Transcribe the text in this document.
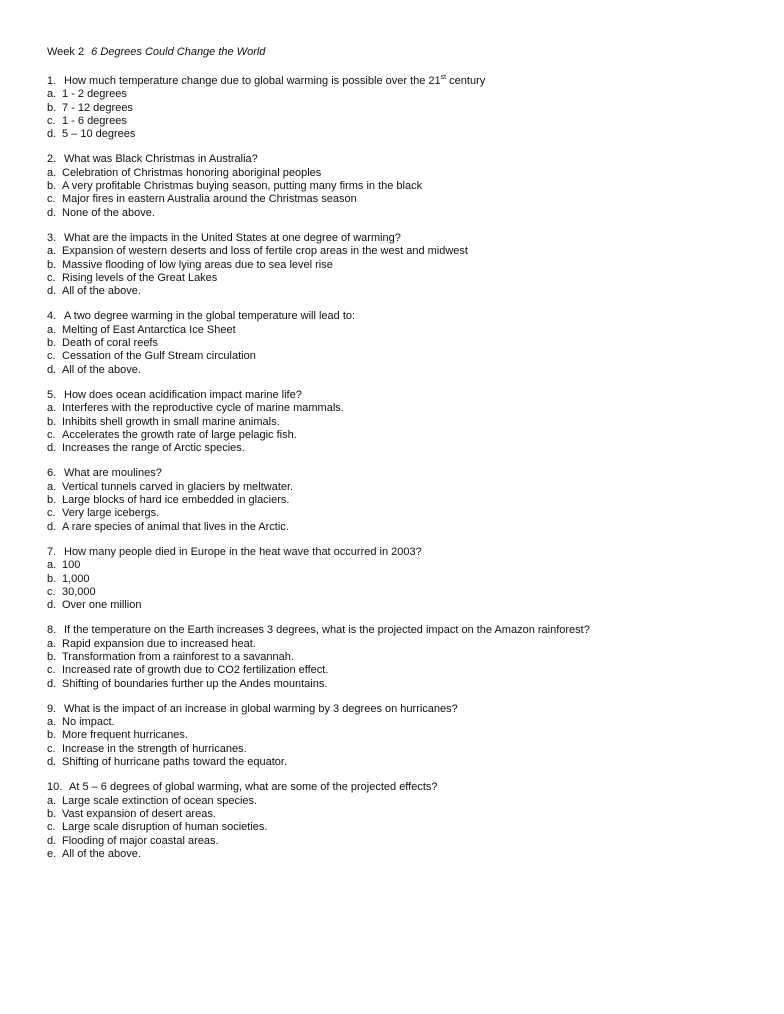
Week 2 6 Degrees Could Change the World
1. How much temperature change due to global warming is possible over the 21st century
a. 1 - 2 degrees
b. 7 - 12 degrees
c. 1 - 6 degrees
d. 5 – 10 degrees
2. What was Black Christmas in Australia?
a. Celebration of Christmas honoring aboriginal peoples
b. A very profitable Christmas buying season, putting many firms in the black
c. Major fires in eastern Australia around the Christmas season
d. None of the above.
3. What are the impacts in the United States at one degree of warming?
a. Expansion of western deserts and loss of fertile crop areas in the west and midwest
b. Massive flooding of low lying areas due to sea level rise
c. Rising levels of the Great Lakes
d. All of the above.
4. A two degree warming in the global temperature will lead to:
a. Melting of East Antarctica Ice Sheet
b. Death of coral reefs
c. Cessation of the Gulf Stream circulation
d. All of the above.
5. How does ocean acidification impact marine life?
a. Interferes with the reproductive cycle of marine mammals.
b. Inhibits shell growth in small marine animals.
c. Accelerates the growth rate of large pelagic fish.
d. Increases the range of Arctic species.
6. What are moulines?
a. Vertical tunnels carved in glaciers by meltwater.
b. Large blocks of hard ice embedded in glaciers.
c. Very large icebergs.
d. A rare species of animal that lives in the Arctic.
7. How many people died in Europe in the heat wave that occurred in 2003?
a. 100
b. 1,000
c. 30,000
d. Over one million
8. If the temperature on the Earth increases 3 degrees, what is the projected impact on the Amazon rainforest?
a. Rapid expansion due to increased heat.
b. Transformation from a rainforest to a savannah.
c. Increased rate of growth due to CO2 fertilization effect.
d. Shifting of boundaries further up the Andes mountains.
9. What is the impact of an increase in global warming by 3 degrees on hurricanes?
a. No impact.
b. More frequent hurricanes.
c. Increase in the strength of hurricanes.
d. Shifting of hurricane paths toward the equator.
10. At 5 – 6 degrees of global warming, what are some of the projected effects?
a. Large scale extinction of ocean species.
b. Vast expansion of desert areas.
c. Large scale disruption of human societies.
d. Flooding of major coastal areas.
e. All of the above.
